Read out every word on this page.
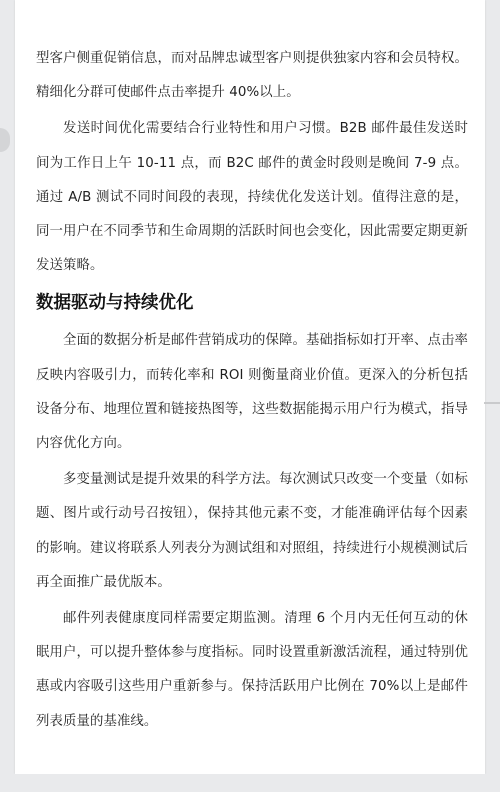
型客户侧重促销信息，而对品牌忠诚型客户则提供独家内容和会员特权。精细化分群可使邮件点击率提升 40%以上。

发送时间优化需要结合行业特性和用户习惯。B2B 邮件最佳发送时间为工作日上午 10-11 点，而 B2C 邮件的黄金时段则是晚间 7-9 点。通过 A/B 测试不同时间段的表现，持续优化发送计划。值得注意的是，同一用户在不同季节和生命周期的活跃时间也会变化，因此需要定期更新发送策略。

数据驱动与持续优化

全面的数据分析是邮件营销成功的保障。基础指标如打开率、点击率反映内容吸引力，而转化率和 ROI 则衡量商业价值。更深入的分析包括设备分布、地理位置和链接热图等，这些数据能揭示用户行为模式，指导内容优化方向。

多变量测试是提升效果的科学方法。每次测试只改变一个变量（如标题、图片或行动号召按钮），保持其他元素不变，才能准确评估每个因素的影响。建议将联系人列表分为测试组和对照组，持续进行小规模测试后再全面推广最优版本。

邮件列表健康度同样需要定期监测。清理 6 个月内无任何互动的休眠用户，可以提升整体参与度指标。同时设置重新激活流程，通过特别优惠或内容吸引这些用户重新参与。保持活跃用户比例在 70%以上是邮件列表质量的基准线。
